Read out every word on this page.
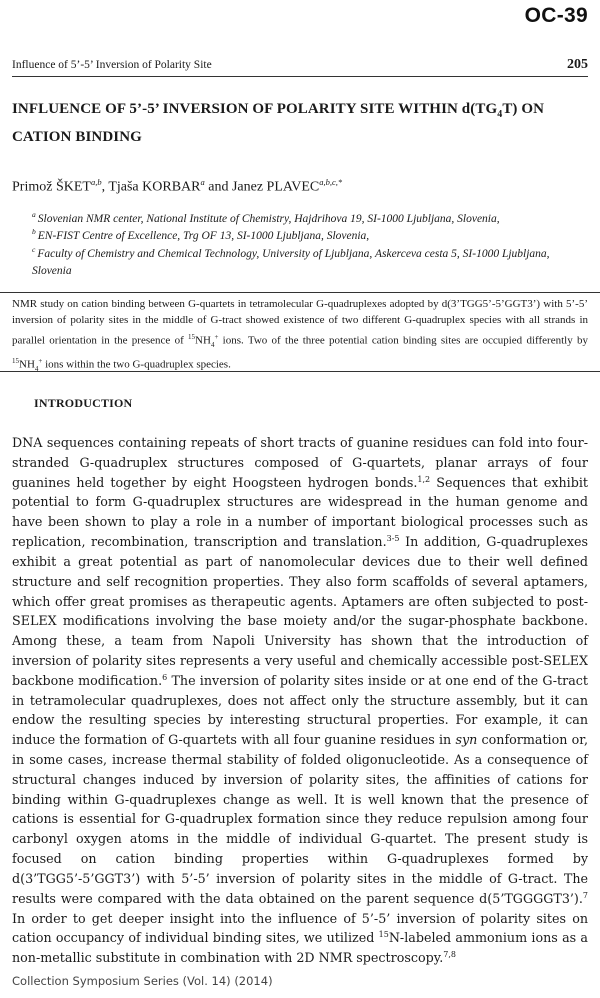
OC-39
Influence of 5’-5’ Inversion of Polarity Site	205
INFLUENCE OF 5’-5’ INVERSION OF POLARITY SITE WITHIN $d(TG_4T)$ ON CATION BINDING
Primož ŠKET$^{a,b}$, Tjaša KORBAR$^a$ and Janez $PLAVEC^{a,b,c,*}$
$^a$ Slovenian NMR center, National Institute of Chemistry, Hajdrihova 19, SI-1000 Ljubljana, Slovenia,
$^b$ EN-FIST Centre of Excellence, Trg OF 13, SI-1000 Ljubljana, Slovenia,
$^c$ Faculty of Chemistry and Chemical Technology, University of Ljubljana, Askerceva cesta 5, SI-1000 Ljubljana, Slovenia

NMR study on cation binding between G-quartets in tetramolecular G-quadruplexes adopted by d(3’TGG5’-5’GGT3’) with 5’-5’ inversion of polarity sites in the middle of G-tract showed existence of two different G-quadruplex species with all strands in parallel orientation in the presence of $^{15}NH_4^+$ ions. Two of the three potential cation binding sites are occupied differently by $^{15}NH_4^+$ ions within the two G-quadruplex species.

INTRODUCTION

DNA sequences containing repeats of short tracts of guanine residues can fold into four-stranded G-quadruplex structures composed of G-quartets, planar arrays of four guanines held together by eight Hoogsteen hydrogen bonds.$^{1,2}$ Sequences that exhibit potential to form G-quadruplex structures are widespread in the human genome and have been shown to play a role in a number of important biological processes such as replication, recombination, transcription and translation.$^{3-5}$ In addition, G-quadruplexes exhibit a great potential as part of nanomolecular devices due to their well defined structure and self recognition properties. They also form scaffolds of several aptamers, which offer great promises as therapeutic agents. Aptamers are often subjected to post-SELEX modifications involving the base moiety and/or the sugar-phosphate backbone. Among these, a team from Napoli University has shown that the introduction of inversion of polarity sites represents a very useful and chemically accessible post-SELEX backbone modification.$^6$ The inversion of polarity sites inside or at one end of the G-tract in tetramolecular quadruplexes, does not affect only the structure assembly, but it can endow the resulting species by interesting structural properties. For example, it can induce the formation of G-quartets with all four guanine residues in syn conformation or, in some cases, increase thermal stability of folded oligonucleotide. As a consequence of structural changes induced by inversion of polarity sites, the affinities of cations for binding within G-quadruplexes change as well. It is well known that the presence of cations is essential for G-quadruplex formation since they reduce repulsion among four carbonyl oxygen atoms in the middle of individual G-quartet. The present study is focused on cation binding properties within G-quadruplexes formed by d(3’TGG5’-5’GGT3’) with 5’-5’ inversion of polarity sites in the middle of G-tract. The results were compared with the data obtained on the parent sequence d(5’TGGGGT3’).$^7$ In order to get deeper insight into the influence of 5’-5’ inversion of polarity sites on cation occupancy of individual binding sites, we utilized $^{15}$N-labeled ammonium ions as a non-metallic substitute in combination with 2D NMR spectroscopy.$^{7,8}$

Collection Symposium Series (Vol. 14) (2014)
